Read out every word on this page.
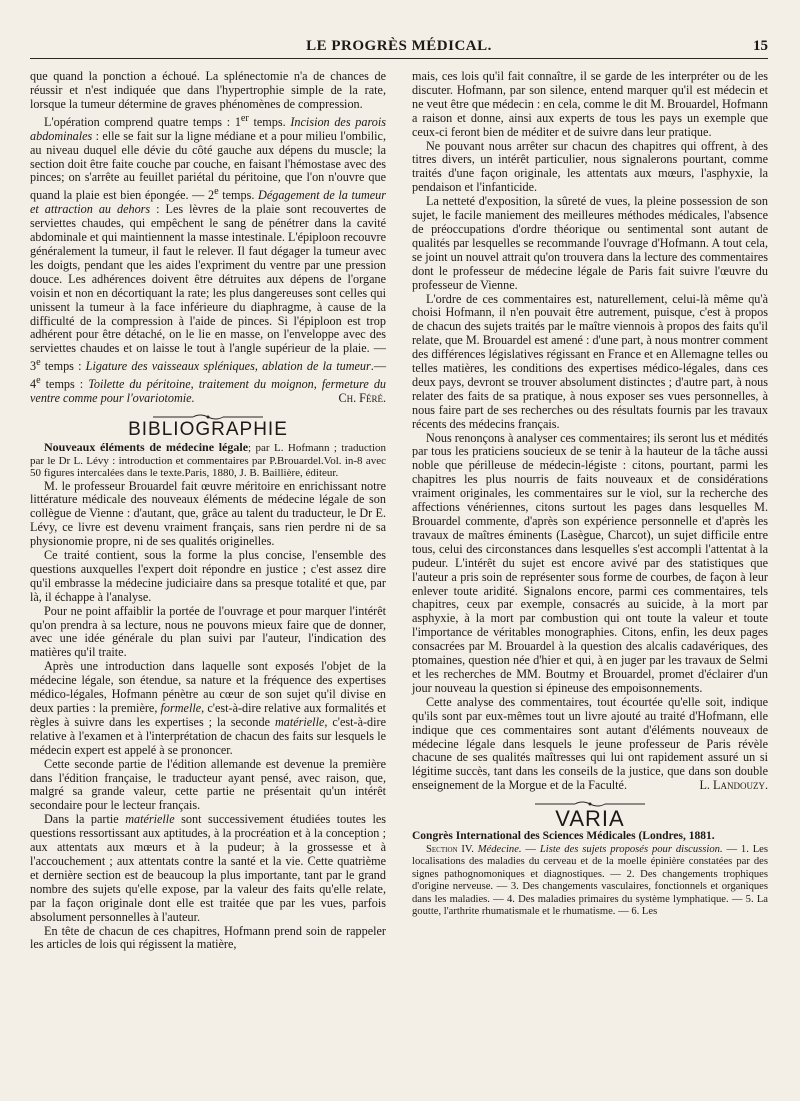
LE PROGRÈS MÉDICAL.	15

que quand la ponction a échoué. La splénectomie n'a de chances de réussir et n'est indiquée que dans l'hypertrophie simple de la rate, lorsque la tumeur détermine de graves phénomènes de compression.

L'opération comprend quatre temps : 1er temps. Incision des parois abdominales : elle se fait sur la ligne médiane et a pour milieu l'ombilic, au niveau duquel elle dévie du côté gauche aux dépens du muscle; la section doit être faite couche par couche, en faisant l'hémostase avec des pinces; on s'arrête au feuillet pariétal du péritoine, que l'on n'ouvre que quand la plaie est bien épongée. — 2e temps. Dégagement de la tumeur et attraction au dehors : Les lèvres de la plaie sont recouvertes de serviettes chaudes, qui empêchent le sang de pénétrer dans la cavité abdominale et qui maintiennent la masse intestinale. L'épiploon recouvre généralement la tumeur, il faut le relever. Il faut dégager la tumeur avec les doigts, pendant que les aides l'expriment du ventre par une pression douce. Les adhérences doivent être détruites aux dépens de l'organe voisin et non en décortiquant la rate; les plus dangereuses sont celles qui unissent la tumeur à la face inférieure du diaphragme, à cause de la difficulté de la compression à l'aide de pinces. Si l'épiploon est trop adhérent pour être détaché, on le lie en masse, on l'enveloppe avec des serviettes chaudes et on laisse le tout à l'angle supérieur de la plaie. — 3e temps : Ligature des vaisseaux spléniques, ablation de la tumeur.— 4e temps : Toilette du péritoine, traitement du moignon, fermeture du ventre comme pour l'ovariotomie.	Ch. Féré.

BIBLIOGRAPHIE

Nouveaux éléments de médecine légale; par L. Hofmann ; traduction par le Dr L. Lévy : introduction et commentaires par P.Brouardel.Vol. in-8 avec 50 figures intercalées dans le texte.Paris, 1880, J. B. Baillière, éditeur.

M. le professeur Brouardel fait œuvre méritoire en enrichissant notre littérature médicale des nouveaux éléments de médecine légale de son collègue de Vienne : d'autant, que, grâce au talent du traducteur, le Dr E. Lévy, ce livre est devenu vraiment français, sans rien perdre ni de sa physionomie propre, ni de ses qualités originelles.

Ce traité contient, sous la forme la plus concise, l'ensemble des questions auxquelles l'expert doit répondre en justice ; c'est assez dire qu'il embrasse la médecine judiciaire dans sa presque totalité et que, par là, il échappe à l'analyse.

Pour ne point affaiblir la portée de l'ouvrage et pour marquer l'intérêt qu'on prendra à sa lecture, nous ne pouvons mieux faire que de donner, avec une idée générale du plan suivi par l'auteur, l'indication des matières qu'il traite.

Après une introduction dans laquelle sont exposés l'objet de la médecine légale, son étendue, sa nature et la fréquence des expertises médico-légales, Hofmann pénètre au cœur de son sujet qu'il divise en deux parties : la première, formelle, c'est-à-dire relative aux formalités et règles à suivre dans les expertises ; la seconde matérielle, c'est-à-dire relative à l'examen et à l'interprétation de chacun des faits sur lesquels le médecin expert est appelé à se prononcer.

Cette seconde partie de l'édition allemande est devenue la première dans l'édition française, le traducteur ayant pensé, avec raison, que, malgré sa grande valeur, cette partie ne présentait qu'un intérêt secondaire pour le lecteur français.

Dans la partie matérielle sont successivement étudiées toutes les questions ressortissant aux aptitudes, à la procréation et à la conception ; aux attentats aux mœurs et à la pudeur; à la grossesse et à l'accouchement ; aux attentats contre la santé et la vie. Cette quatrième et dernière section est de beaucoup la plus importante, tant par le grand nombre des sujets qu'elle expose, par la valeur des faits qu'elle relate, par la façon originale dont elle est traitée que par les vues, parfois absolument personnelles à l'auteur.

En tête de chacun de ces chapitres, Hofmann prend soin de rappeler les articles de lois qui régissent la matière,

mais, ces lois qu'il fait connaître, il se garde de les interpréter ou de les discuter. Hofmann, par son silence, entend marquer qu'il est médecin et ne veut être que médecin : en cela, comme le dit M. Brouardel, Hofmann a raison et donne, ainsi aux experts de tous les pays un exemple que ceux-ci feront bien de méditer et de suivre dans leur pratique.

Ne pouvant nous arrêter sur chacun des chapitres qui offrent, à des titres divers, un intérêt particulier, nous signalerons pourtant, comme traités d'une façon originale, les attentats aux mœurs, l'asphyxie, la pendaison et l'infanticide.

La netteté d'exposition, la sûreté de vues, la pleine possession de son sujet, le facile maniement des meilleures méthodes médicales, l'absence de préoccupations d'ordre théorique ou sentimental sont autant de qualités par lesquelles se recommande l'ouvrage d'Hofmann. A tout cela, se joint un nouvel attrait qu'on trouvera dans la lecture des commentaires dont le professeur de médecine légale de Paris fait suivre l'œuvre du professeur de Vienne.

L'ordre de ces commentaires est, naturellement, celui-là même qu'à choisi Hofmann, il n'en pouvait être autrement, puisque, c'est à propos de chacun des sujets traités par le maître viennois à propos des faits qu'il relate, que M. Brouardel est amené : d'une part, à nous montrer comment des différences législatives régissant en France et en Allemagne telles ou telles matières, les conditions des expertises médico-légales, dans ces deux pays, devront se trouver absolument distinctes ; d'autre part, à nous relater des faits de sa pratique, à nous exposer ses vues personnelles, à nous faire part de ses recherches ou des résultats fournis par les travaux récents des médecins français.

Nous renonçons à analyser ces commentaires; ils seront lus et médités par tous les praticiens soucieux de se tenir à la hauteur de la tâche aussi noble que périlleuse de médecin-légiste : citons, pourtant, parmi les chapitres les plus nourris de faits nouveaux et de considérations vraiment originales, les commentaires sur le viol, sur la recherche des affections vénériennes, citons surtout les pages dans lesquelles M. Brouardel commente, d'après son expérience personnelle et d'après les travaux de maîtres éminents (Lasègue, Charcot), un sujet difficile entre tous, celui des circonstances dans lesquelles s'est accompli l'attentat à la pudeur. L'intérêt du sujet est encore avivé par des statistiques que l'auteur a pris soin de représenter sous forme de courbes, de façon à leur enlever toute aridité. Signalons encore, parmi ces commentaires, tels chapitres, ceux par exemple, consacrés au suicide, à la mort par asphyxie, à la mort par combustion qui ont toute la valeur et toute l'importance de véritables monographies. Citons, enfin, les deux pages consacrées par M. Brouardel à la question des alcalis cadavériques, des ptomaines, question née d'hier et qui, à en juger par les travaux de Selmi et les recherches de MM. Boutmy et Brouardel, promet d'éclairer d'un jour nouveau la question si épineuse des empoisonnements.

Cette analyse des commentaires, tout écourtée qu'elle soit, indique qu'ils sont par eux-mêmes tout un livre ajouté au traité d'Hofmann, elle indique que ces commentaires sont autant d'éléments nouveaux de médecine légale dans lesquels le jeune professeur de Paris révèle chacune de ses qualités maîtresses qui lui ont rapidement assuré un si légitime succès, tant dans les conseils de la justice, que dans son double enseignement de la Morgue et de la Faculté.	L. Landouzy.

VARIA

Congrès International des Sciences Médicales (Londres, 1881.

Section IV. Médecine. — Liste des sujets proposés pour discussion. — 1. Les localisations des maladies du cerveau et de la moelle épinière constatées par des signes pathognomoniques et diagnostiques. — 2. Des changements trophiques d'origine nerveuse. — 3. Des changements vasculaires, fonctionnels et organiques dans les maladies. — 4. Des maladies primaires du système lymphatique. — 5. La goutte, l'arthrite rhumatismale et le rhumatisme. — 6. Les
